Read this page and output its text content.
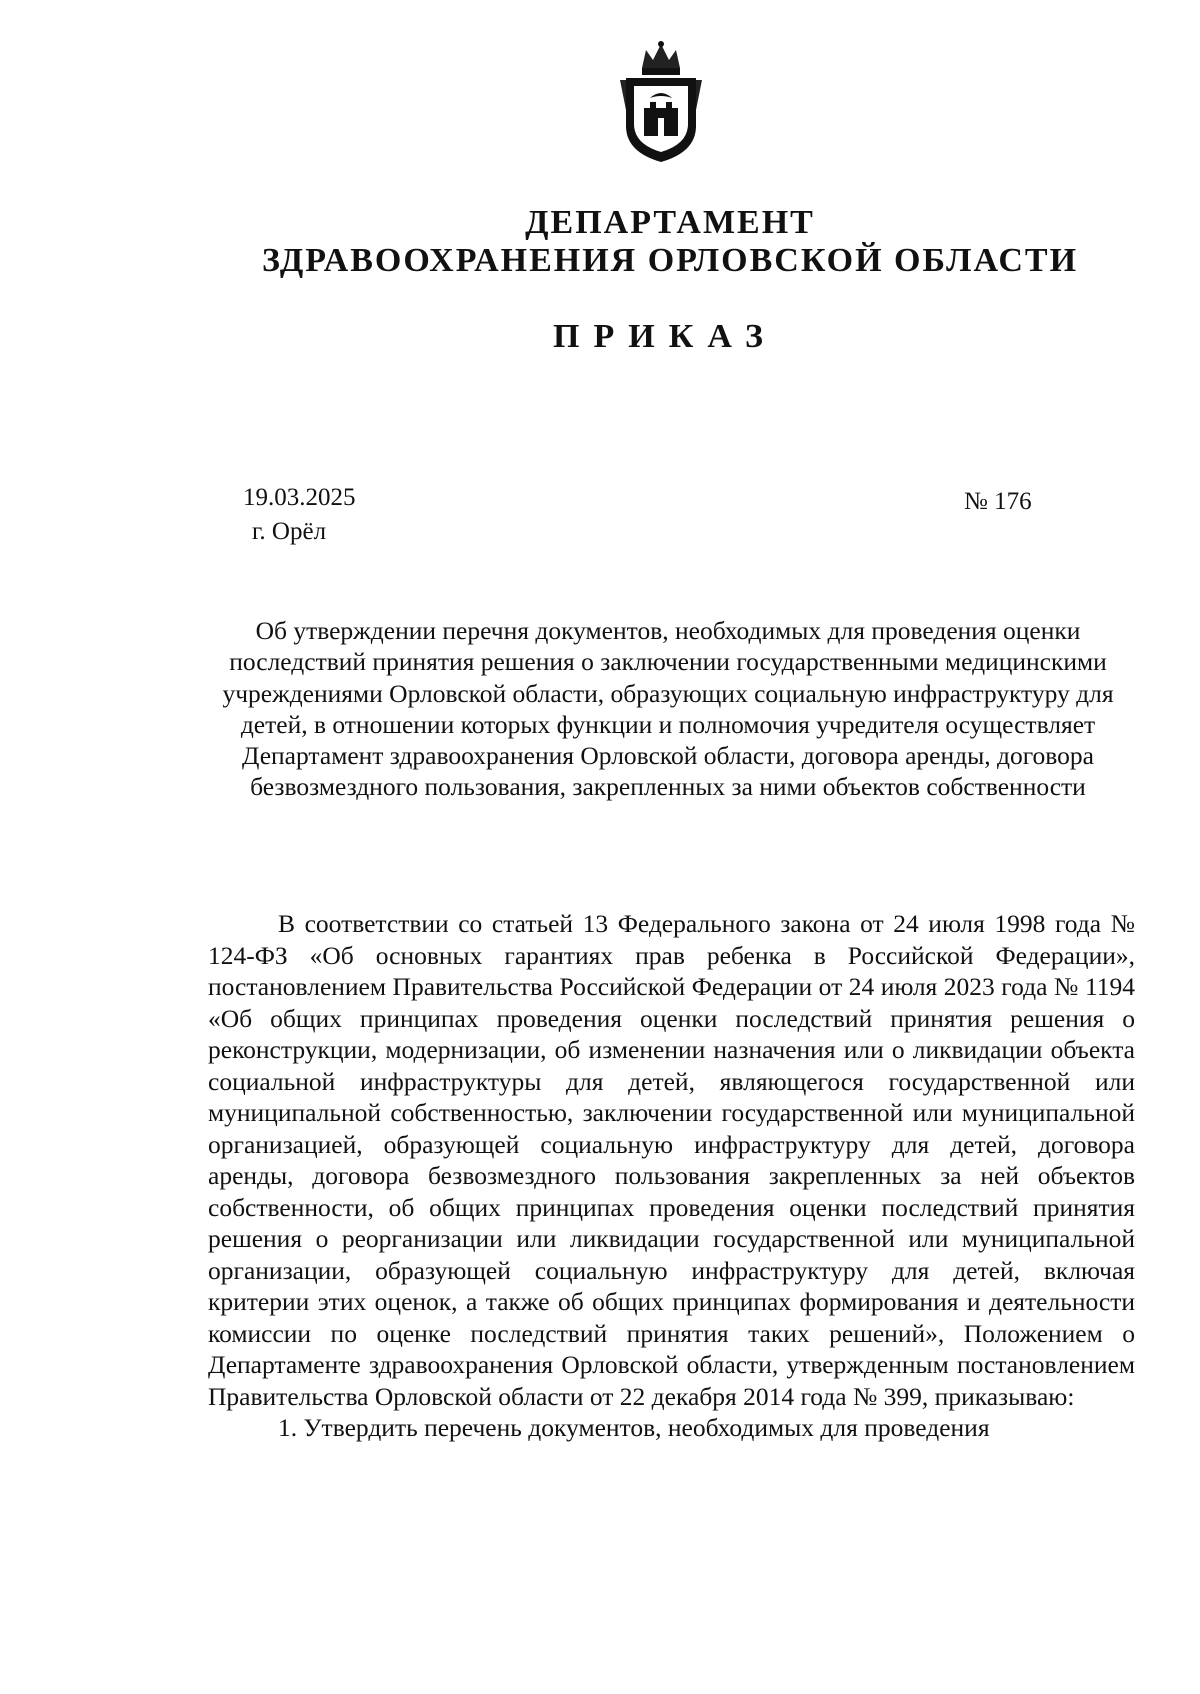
ДЕПАРТАМЕНТ
ЗДРАВООХРАНЕНИЯ ОРЛОВСКОЙ ОБЛАСТИ
ПРИКАЗ
19.03.2025
г. Орёл
№ 176
Об утверждении перечня документов, необходимых для проведения оценки последствий принятия решения о заключении государственными медицинскими учреждениями Орловской области, образующих социальную инфраструктуру для детей, в отношении которых функции и полномочия учредителя осуществляет Департамент здравоохранения Орловской области, договора аренды, договора безвозмездного пользования, закрепленных за ними объектов собственности

В соответствии со статьей 13 Федерального закона от 24 июля 1998 года № 124-ФЗ «Об основных гарантиях прав ребенка в Российской Федерации», постановлением Правительства Российской Федерации от 24 июля 2023 года № 1194 «Об общих принципах проведения оценки последствий принятия решения о реконструкции, модернизации, об изменении назначения или о ликвидации объекта социальной инфраструктуры для детей, являющегося государственной или муниципальной собственностью, заключении государственной или муниципальной организацией, образующей социальную инфраструктуру для детей, договора аренды, договора безвозмездного пользования закрепленных за ней объектов собственности, об общих принципах проведения оценки последствий принятия решения о реорганизации или ликвидации государственной или муниципальной организации, образующей социальную инфраструктуру для детей, включая критерии этих оценок, а также об общих принципах формирования и деятельности комиссии по оценке последствий принятия таких решений», Положением о Департаменте здравоохранения Орловской области, утвержденным постановлением Правительства Орловской области от 22 декабря 2014 года № 399, приказываю:

1. Утвердить перечень документов, необходимых для проведения
